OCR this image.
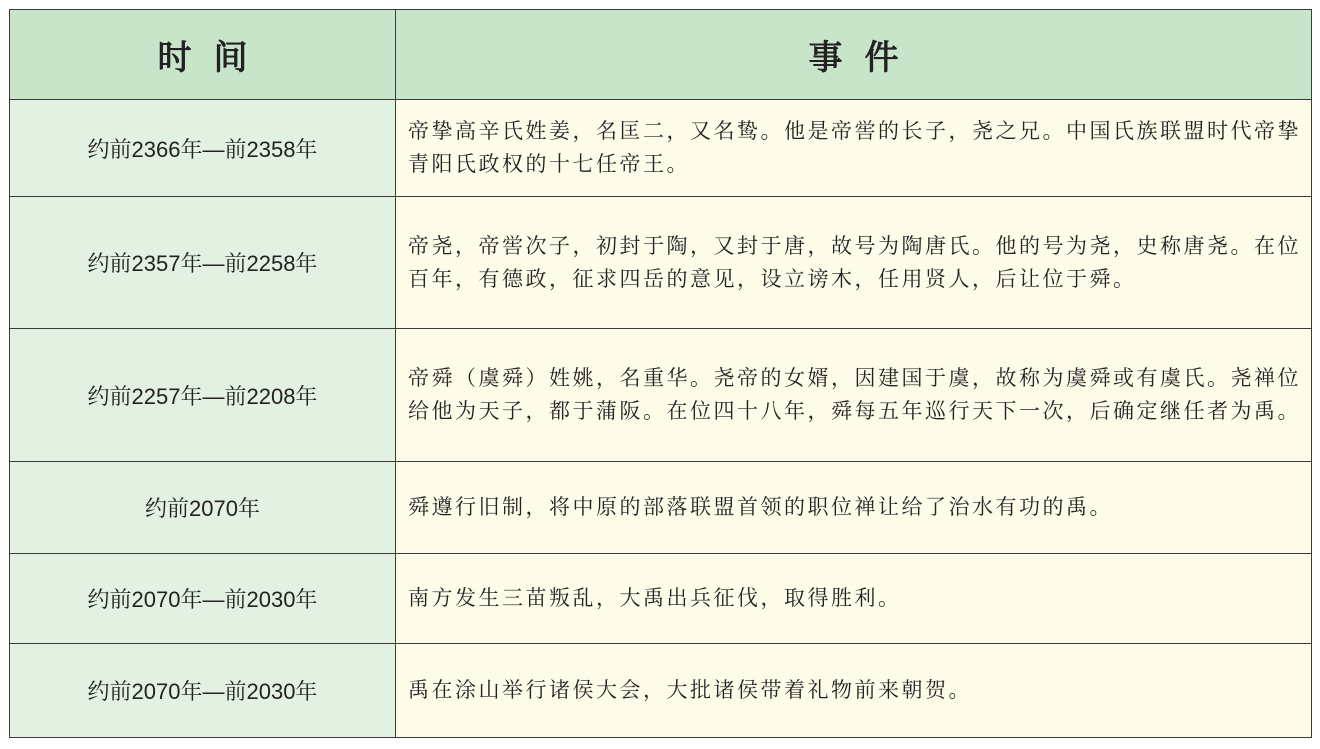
时间	事件
约前2366年—前2358年	帝挚高辛氏姓姜，名匡二，又名鸷。他是帝喾的长子，尧之兄。中国氏族联盟时代帝挚青阳氏政权的十七任帝王。
约前2357年—前2258年	帝尧，帝喾次子，初封于陶，又封于唐，故号为陶唐氏。他的号为尧，史称唐尧。在位百年，有德政，征求四岳的意见，设立谤木，任用贤人，后让位于舜。
约前2257年—前2208年	帝舜（虞舜）姓姚，名重华。尧帝的女婿，因建国于虞，故称为虞舜或有虞氏。尧禅位给他为天子，都于蒲阪。在位四十八年，舜每五年巡行天下一次，后确定继任者为禹。
约前2070年	舜遵行旧制，将中原的部落联盟首领的职位禅让给了治水有功的禹。
约前2070年—前2030年	南方发生三苗叛乱，大禹出兵征伐，取得胜利。
约前2070年—前2030年	禹在涂山举行诸侯大会，大批诸侯带着礼物前来朝贺。
